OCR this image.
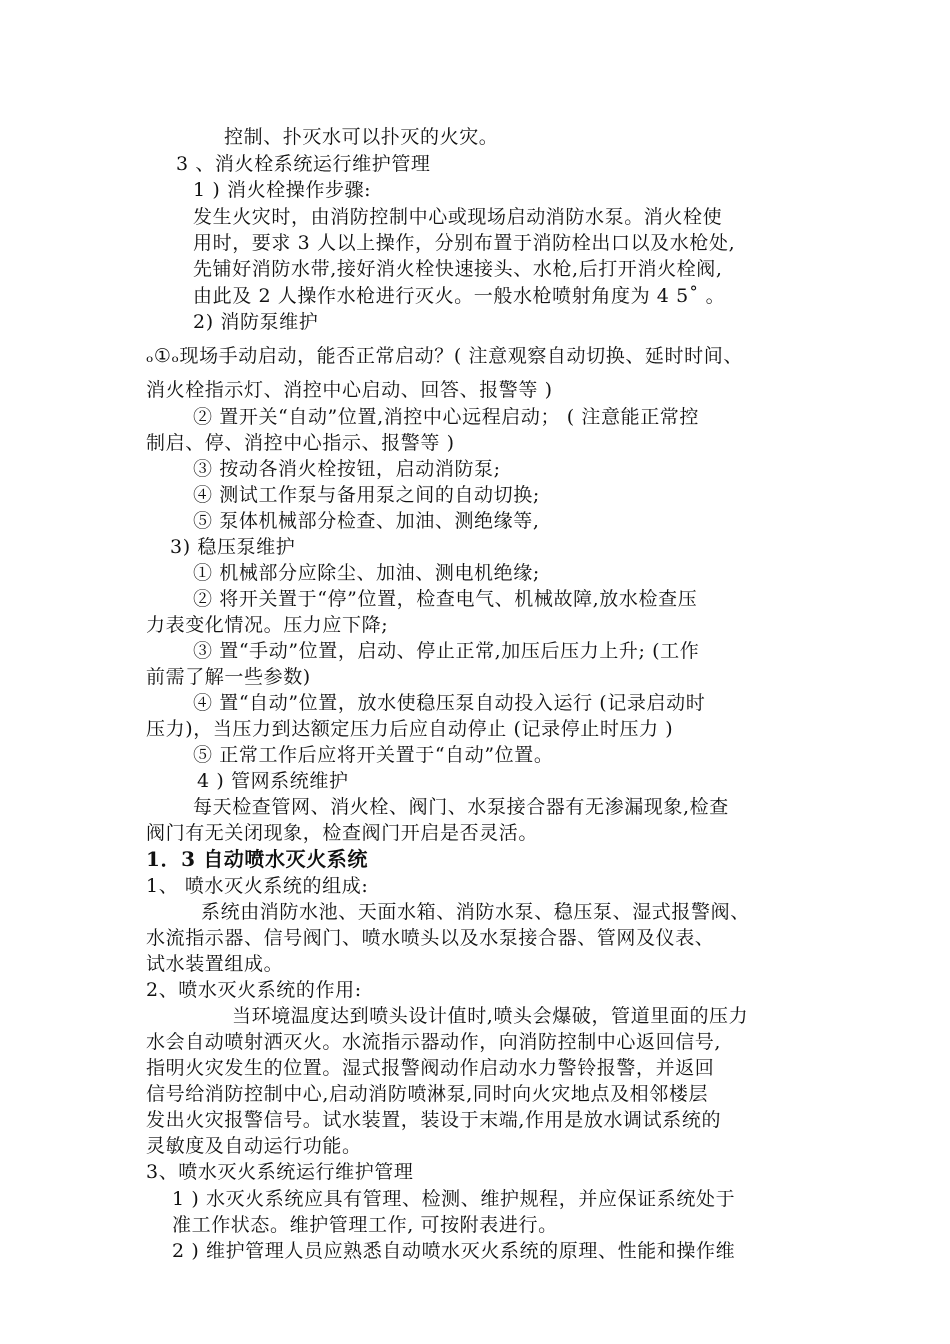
控制、扑灭水可以扑灭的火灾。
3 、消火栓系统运行维护管理
1 ) 消火栓操作步骤:
发生火灾时，由消防控制中心或现场启动消防水泵。消火栓使
用时，要求 3 人以上操作，分别布置于消防栓出口以及水枪处,
先铺好消防水带,接好消火栓快速接头、水枪,后打开消火栓阀,
由此及 2 人操作水枪进行灭火。一般水枪喷射角度为 4 5˚ 。
2) 消防泵维护
ₒ①ₒ现场手动启动，能否正常启动？( 注意观察自动切换、延时时间、
消火栓指示灯、消控中心启动、回答、报警等 )
② 置开关“自动”位置,消控中心远程启动； ( 注意能正常控
制启、停、消控中心指示、报警等 )
③ 按动各消火栓按钮，启动消防泵;
④ 测试工作泵与备用泵之间的自动切换;
⑤ 泵体机械部分检查、加油、测绝缘等,
3) 稳压泵维护
① 机械部分应除尘、加油、测电机绝缘;
② 将开关置于“停”位置，检查电气、机械故障,放水检查压
力表变化情况。压力应下降;
③ 置“手动”位置，启动、停止正常,加压后压力上升; (工作
前需了解一些参数)
④ 置“自动”位置，放水使稳压泵自动投入运行 (记录启动时
压力)，当压力到达额定压力后应自动停止 (记录停止时压力 )
⑤ 正常工作后应将开关置于“自动”位置。
4 ) 管网系统维护
每天检查管网、消火栓、阀门、水泵接合器有无渗漏现象,检查
阀门有无关闭现象，检查阀门开启是否灵活。
1．3 自动喷水灭火系统
1、 喷水灭火系统的组成:
系统由消防水池、天面水箱、消防水泵、稳压泵、湿式报警阀、
水流指示器、信号阀门、喷水喷头以及水泵接合器、管网及仪表、
试水装置组成。
2、喷水灭火系统的作用:
当环境温度达到喷头设计值时,喷头会爆破，管道里面的压力
水会自动喷射洒灭火。水流指示器动作，向消防控制中心返回信号,
指明火灾发生的位置。湿式报警阀动作启动水力警铃报警，并返回
信号给消防控制中心,启动消防喷淋泵,同时向火灾地点及相邻楼层
发出火灾报警信号。试水装置，装设于末端,作用是放水调试系统的
灵敏度及自动运行功能。
3、喷水灭火系统运行维护管理
1 ) 水灭火系统应具有管理、检测、维护规程，并应保证系统处于
准工作状态。维护管理工作, 可按附表进行。
2 ) 维护管理人员应熟悉自动喷水灭火系统的原理、性能和操作维
